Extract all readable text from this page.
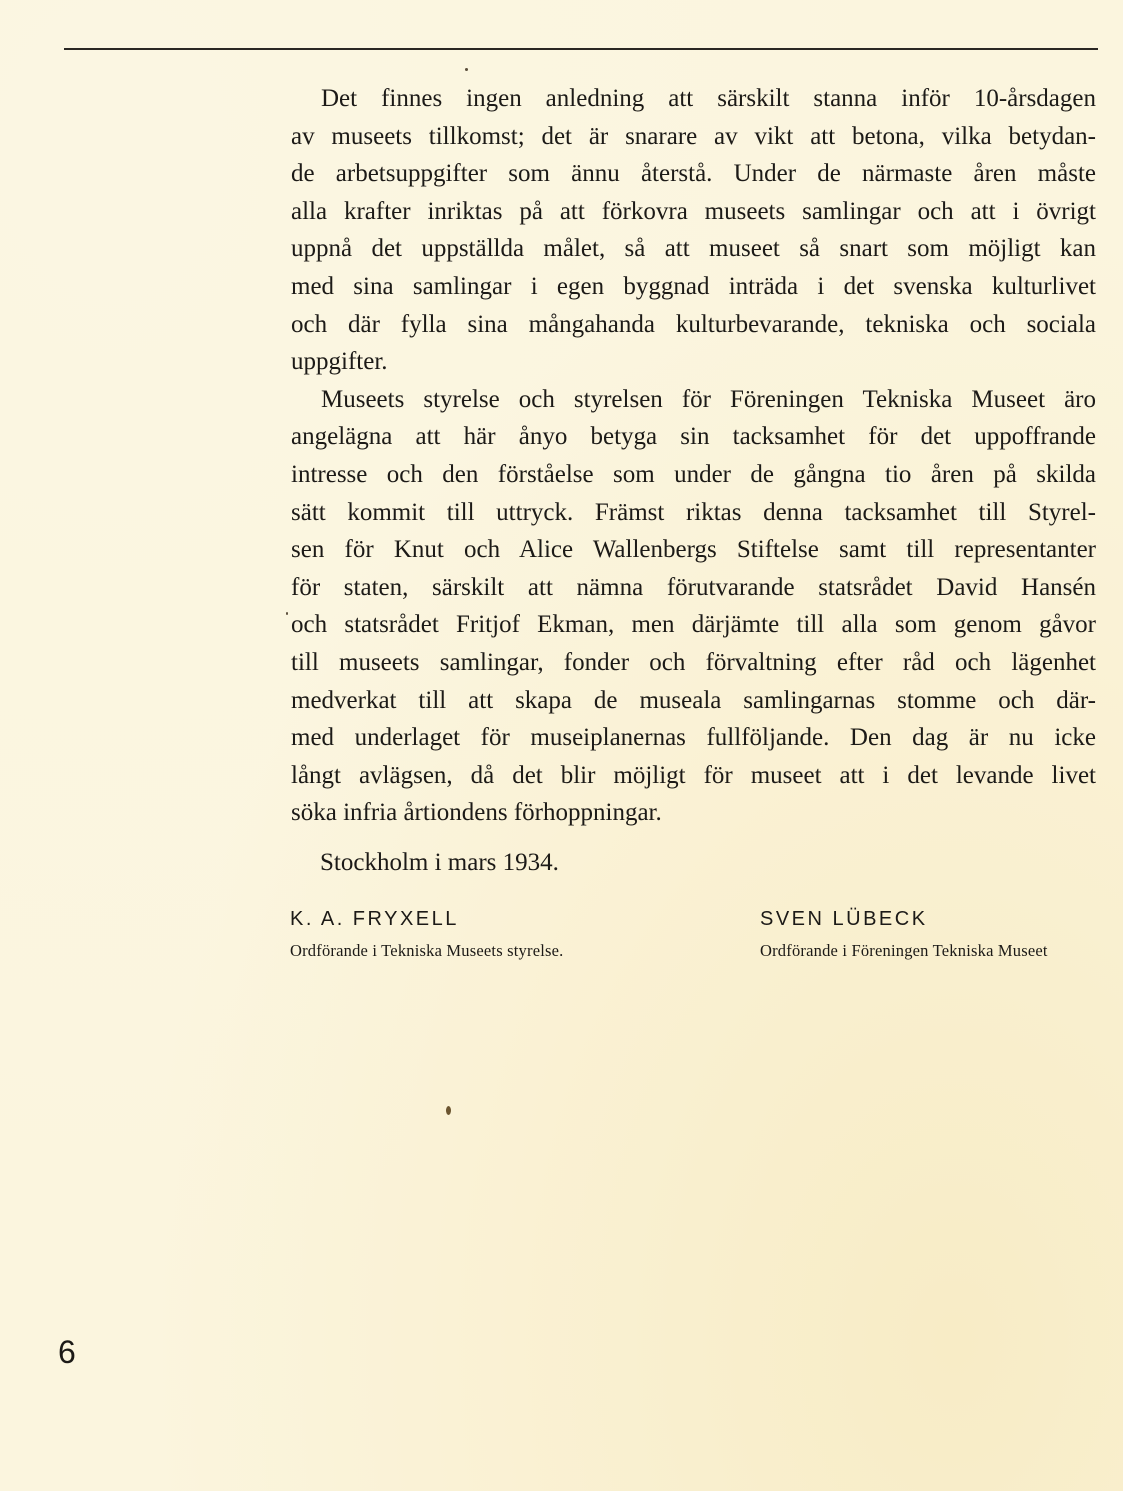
Det finnes ingen anledning att särskilt stanna inför 10-årsdagen
av museets tillkomst; det är snarare av vikt att betona, vilka betydan-
de arbetsuppgifter som ännu återstå. Under de närmaste åren måste
alla krafter inriktas på att förkovra museets samlingar och att i övrigt
uppnå det uppställda målet, så att museet så snart som möjligt kan
med sina samlingar i egen byggnad inträda i det svenska kulturlivet
och där fylla sina mångahanda kulturbevarande, tekniska och sociala
uppgifter.

Museets styrelse och styrelsen för Föreningen Tekniska Museet äro
angelägna att här ånyo betyga sin tacksamhet för det uppoffrande
intresse och den förståelse som under de gångna tio åren på skilda
sätt kommit till uttryck. Främst riktas denna tacksamhet till Styrel-
sen för Knut och Alice Wallenbergs Stiftelse samt till representanter
för staten, särskilt att nämna förutvarande statsrådet David Hansén
och statsrådet Fritjof Ekman, men därjämte till alla som genom gåvor
till museets samlingar, fonder och förvaltning efter råd och lägenhet
medverkat till att skapa de museala samlingarnas stomme och där-
med underlaget för museiplanernas fullföljande. Den dag är nu icke
långt avlägsen, då det blir möjligt för museet att i det levande livet
söka infria årtiondens förhoppningar.

Stockholm i mars 1934.
K. A. FRYXELL
Ordförande i Tekniska Museets styrelse.
SVEN LÜBECK
Ordförande i Föreningen Tekniska Museet
6
